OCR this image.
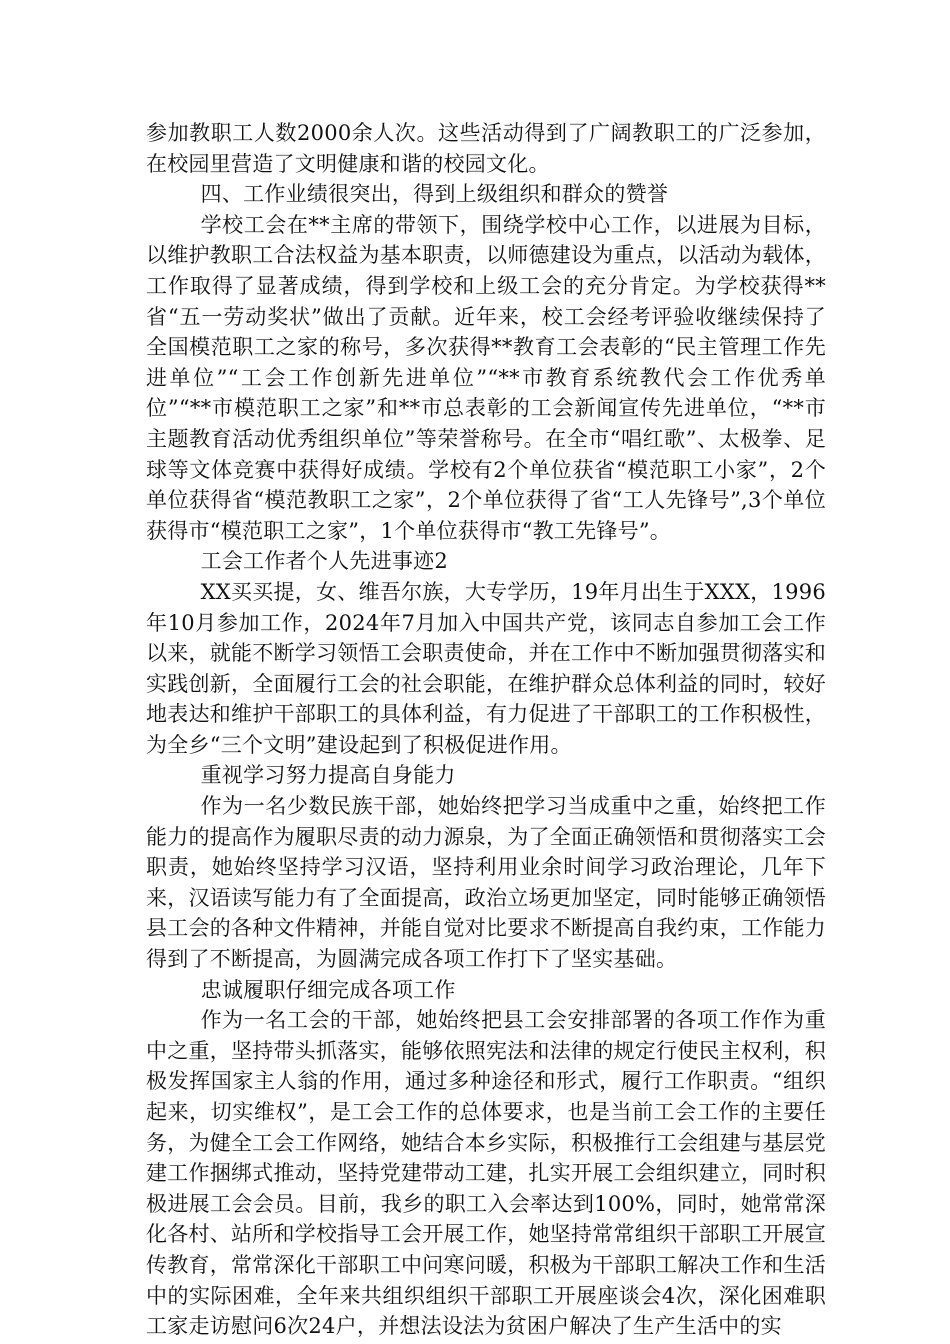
参加教职工人数2000余人次。这些活动得到了广阔教职工的广泛参加，在校园里营造了文明健康和谐的校园文化。

四、工作业绩很突出，得到上级组织和群众的赞誉

学校工会在**主席的带领下，围绕学校中心工作，以进展为目标，以维护教职工合法权益为基本职责，以师德建设为重点，以活动为载体，工作取得了显著成绩，得到学校和上级工会的充分肯定。为学校获得**省“五一劳动奖状”做出了贡献。近年来，校工会经考评验收继续保持了全国模范职工之家的称号，多次获得**教育工会表彰的“民主管理工作先进单位”“工会工作创新先进单位”“**市教育系统教代会工作优秀单位”“**市模范职工之家”和**市总表彰的工会新闻宣传先进单位，“**市主题教育活动优秀组织单位”等荣誉称号。在全市“唱红歌”、太极拳、足球等文体竞赛中获得好成绩。学校有2个单位获省“模范职工小家”，2个单位获得省“模范教职工之家”，2个单位获得了省“工人先锋号”,3个单位获得市“模范职工之家”，1个单位获得市“教工先锋号”。

工会工作者个人先进事迹2

XX买买提，女、维吾尔族，大专学历，19年月出生于XXX，1996年10月参加工作，2024年7月加入中国共产党，该同志自参加工会工作以来，就能不断学习领悟工会职责使命，并在工作中不断加强贯彻落实和实践创新，全面履行工会的社会职能，在维护群众总体利益的同时，较好地表达和维护干部职工的具体利益，有力促进了干部职工的工作积极性，为全乡“三个文明”建设起到了积极促进作用。

重视学习努力提高自身能力

作为一名少数民族干部，她始终把学习当成重中之重，始终把工作能力的提高作为履职尽责的动力源泉，为了全面正确领悟和贯彻落实工会职责，她始终坚持学习汉语，坚持利用业余时间学习政治理论，几年下来，汉语读写能力有了全面提高，政治立场更加坚定，同时能够正确领悟县工会的各种文件精神，并能自觉对比要求不断提高自我约束，工作能力得到了不断提高，为圆满完成各项工作打下了坚实基础。

忠诚履职仔细完成各项工作

作为一名工会的干部，她始终把县工会安排部署的各项工作作为重中之重，坚持带头抓落实，能够依照宪法和法律的规定行使民主权利，积极发挥国家主人翁的作用，通过多种途径和形式，履行工作职责。“组织起来，切实维权”，是工会工作的总体要求，也是当前工会工作的主要任务，为健全工会工作网络，她结合本乡实际，积极推行工会组建与基层党建工作捆绑式推动，坚持党建带动工建，扎实开展工会组织建立，同时积极进展工会会员。目前，我乡的职工入会率达到100%，同时，她常常深化各村、站所和学校指导工会开展工作，她坚持常常组织干部职工开展宣传教育，常常深化干部职工中问寒问暖，积极为干部职工解决工作和生活中的实际困难，全年来共组织组织干部职工开展座谈会4次，深化困难职工家走访慰问6次24户，并想法设法为贫困户解决了生产生活中的实
